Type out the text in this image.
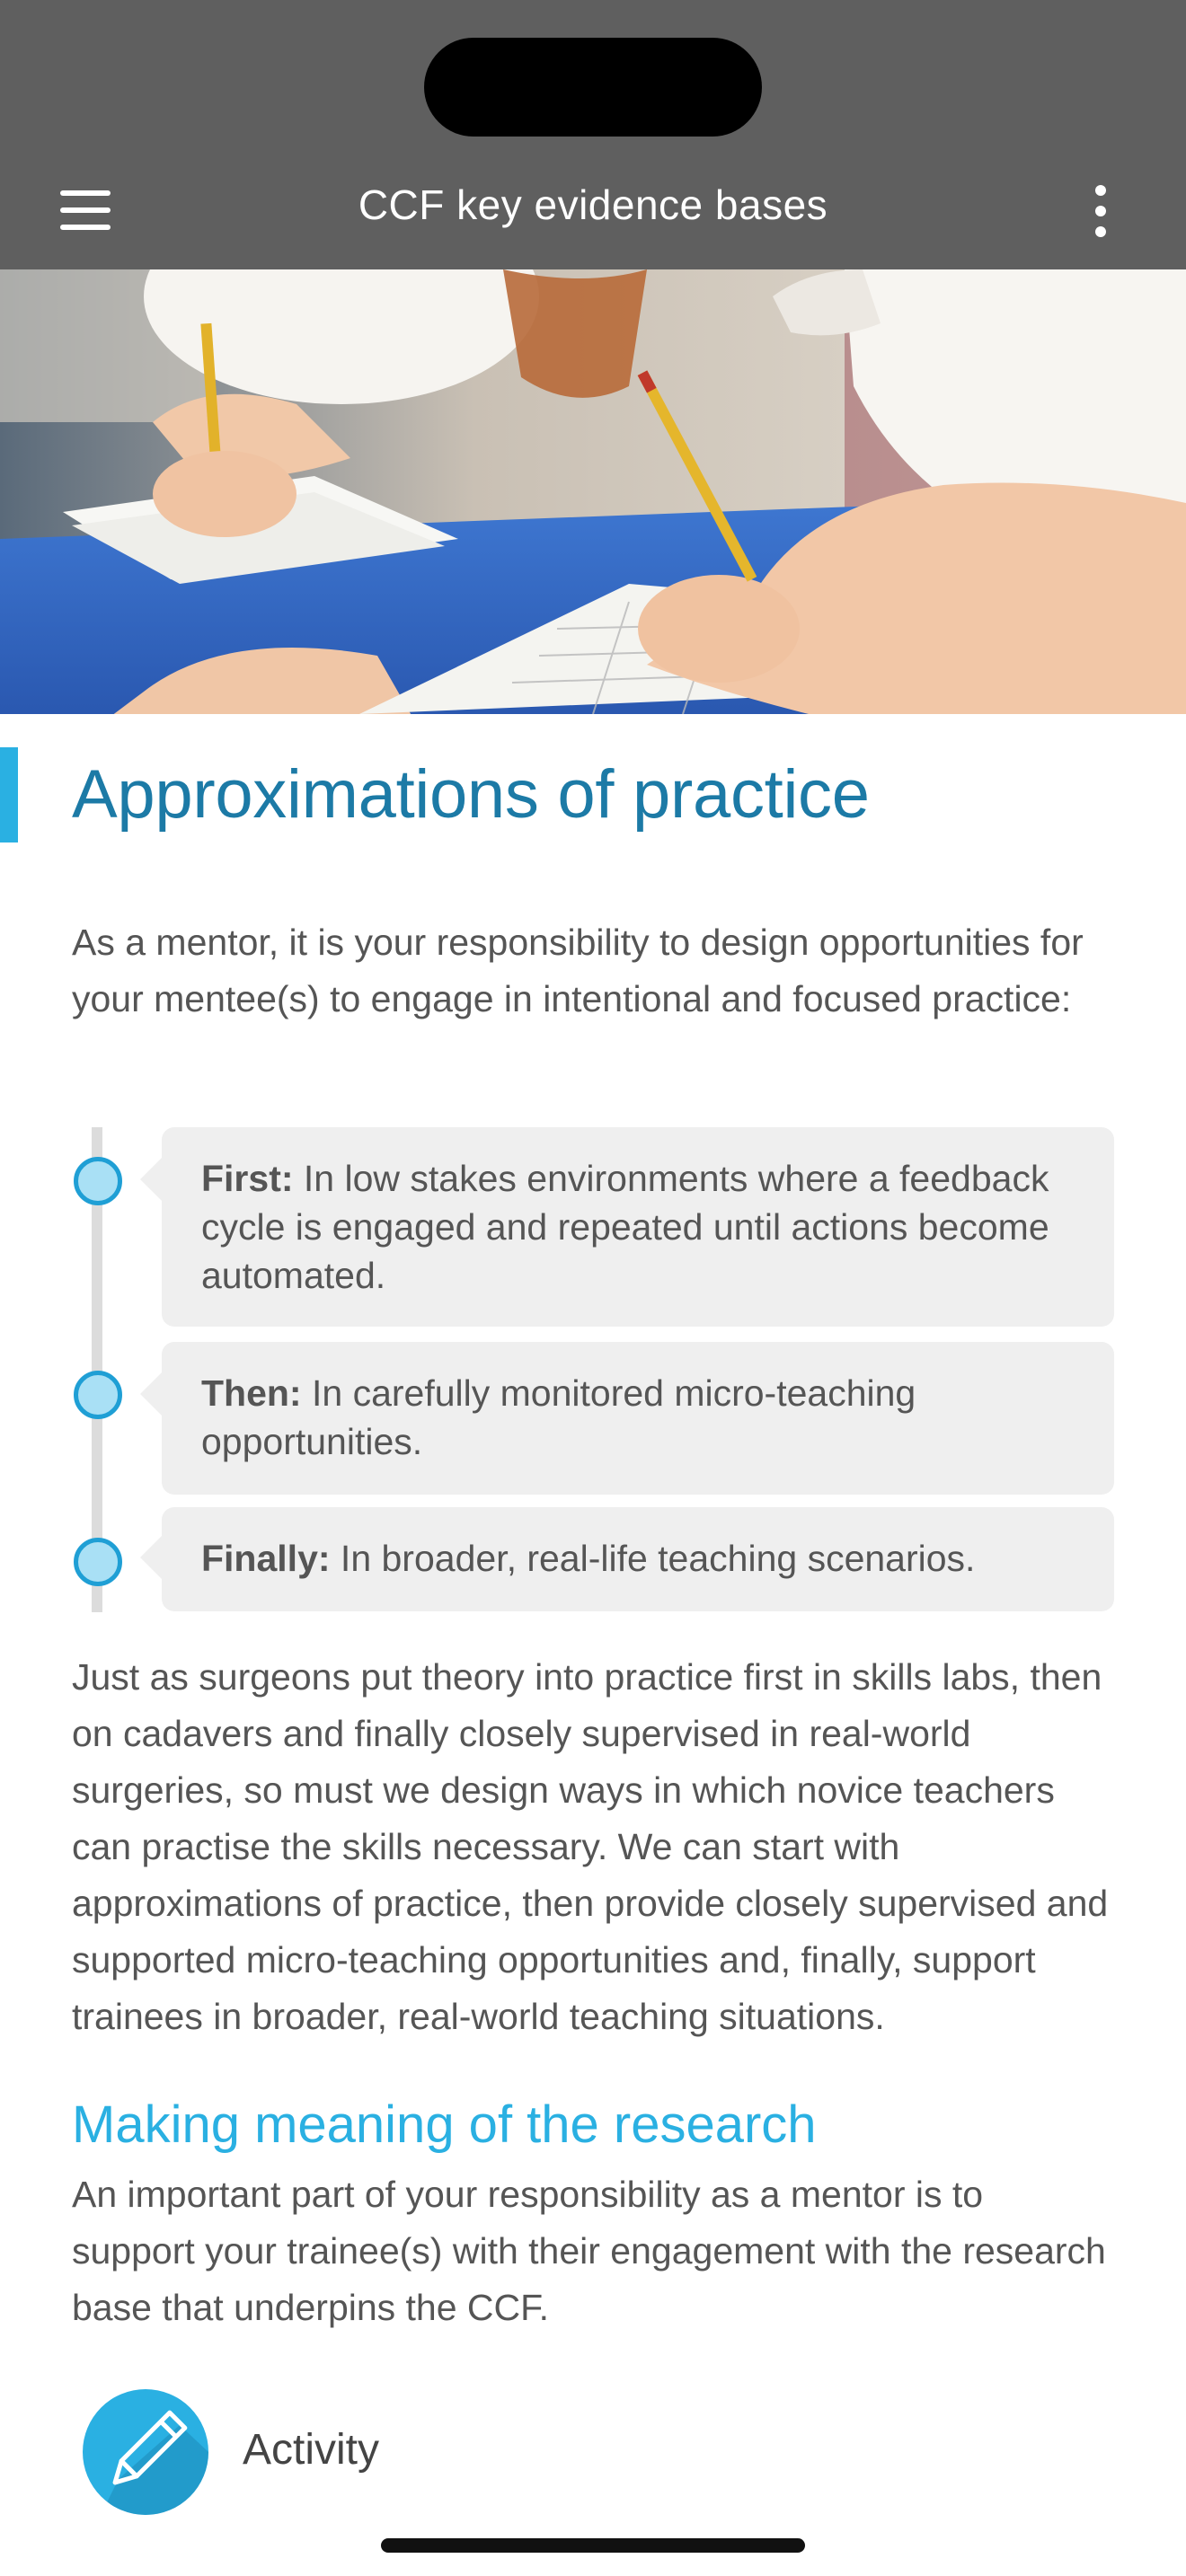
CCF key evidence bases
Approximations of practice

As a mentor, it is your responsibility to design opportunities for your mentee(s) to engage in intentional and focused practice:

First: In low stakes environments where a feedback cycle is engaged and repeated until actions become automated.
Then: In carefully monitored micro-teaching opportunities.
Finally: In broader, real-life teaching scenarios.

Just as surgeons put theory into practice first in skills labs, then on cadavers and finally closely supervised in real-world surgeries, so must we design ways in which novice teachers can practise the skills necessary. We can start with approximations of practice, then provide closely supervised and supported micro-teaching opportunities and, finally, support trainees in broader, real-world teaching situations.

Making meaning of the research

An important part of your responsibility as a mentor is to support your trainee(s) with their engagement with the research base that underpins the CCF.

Activity
